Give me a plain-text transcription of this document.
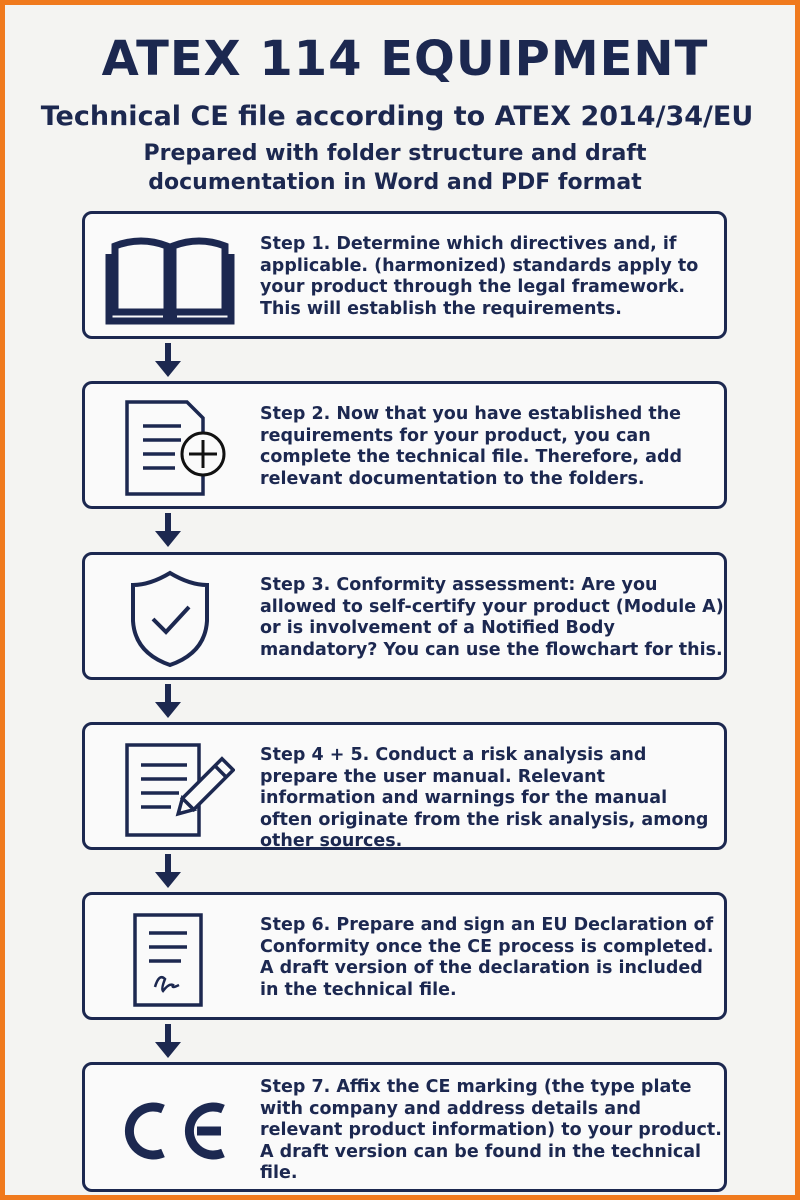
ATEX 114 EQUIPMENT
Technical CE file according to ATEX 2014/34/EU
Prepared with folder structure and draft documentation in Word and PDF format
Step 1. Determine which directives and, if applicable. (harmonized) standards apply to your product through the legal framework. This will establish the requirements.
Step 2. Now that you have established the requirements for your product, you can complete the technical file. Therefore, add relevant documentation to the folders.
Step 3. Conformity assessment: Are you allowed to self-certify your product (Module A) or is involvement of a Notified Body mandatory? You can use the flowchart for this.
Step 4 + 5. Conduct a risk analysis and prepare the user manual. Relevant information and warnings for the manual often originate from the risk analysis, among other sources.
Step 6. Prepare and sign an EU Declaration of Conformity once the CE process is completed. A draft version of the declaration is included in the technical file.
Step 7. Affix the CE marking (the type plate with company and address details and relevant product information) to your product. A draft version can be found in the technical file.
